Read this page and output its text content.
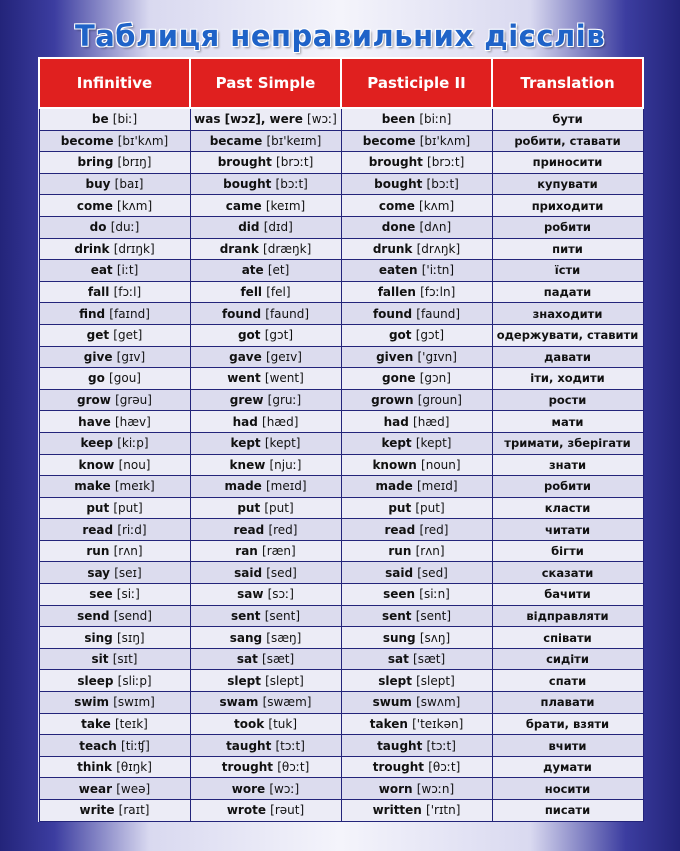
Таблиця неправильних дієслів
Infinitive	Past Simple	Pasticiple II	Translation
be [biː]	was [wɔz], were [wɔː]	been [biːn]	бути
become [bɪ'kʌm]	became [bɪ'keɪm]	become [bɪ'kʌm]	робити, ставати
bring [brɪŋ]	brought [brɔːt]	brought [brɔːt]	приносити
buy [baɪ]	bought [bɔːt]	bought [bɔːt]	купувати
come [kʌm]	came [keɪm]	come [kʌm]	приходити
do [duː]	did [dɪd]	done [dʌn]	робити
drink [drɪŋk]	drank [dræŋk]	drunk [drʌŋk]	пити
eat [iːt]	ate [et]	eaten ['iːtn]	їсти
fall [fɔːl]	fell [fel]	fallen [fɔːln]	падати
find [faɪnd]	found [faund]	found [faund]	знаходити
get [get]	got [gɔt]	got [gɔt]	одержувати, ставити
give [gɪv]	gave [geɪv]	given ['gɪvn]	давати
go [gou]	went [went]	gone [gɔn]	іти, ходити
grow [grəu]	grew [gruː]	grown [groun]	рости
have [hæv]	had [hæd]	had [hæd]	мати
keep [kiːp]	kept [kept]	kept [kept]	тримати, зберігати
know [nou]	knew [njuː]	known [noun]	знати
make [meɪk]	made [meɪd]	made [meɪd]	робити
put [put]	put [put]	put [put]	класти
read [riːd]	read [red]	read [red]	читати
run [rʌn]	ran [ræn]	run [rʌn]	бігти
say [seɪ]	said [sed]	said [sed]	сказати
see [siː]	saw [sɔː]	seen [siːn]	бачити
send [send]	sent [sent]	sent [sent]	відправляти
sing [sɪŋ]	sang [sæŋ]	sung [sʌŋ]	співати
sit [sɪt]	sat [sæt]	sat [sæt]	сидіти
sleep [sliːp]	slept [slept]	slept [slept]	спати
swim [swɪm]	swam [swæm]	swum [swʌm]	плавати
take [teɪk]	took [tuk]	taken ['teɪkən]	брати, взяти
teach [tiːʧ]	taught [tɔːt]	taught [tɔːt]	вчити
think [θɪŋk]	trought [θɔːt]	trought [θɔːt]	думати
wear [weə]	wore [wɔː]	worn [wɔːn]	носити
write [raɪt]	wrote [rəut]	written ['rɪtn]	писати
